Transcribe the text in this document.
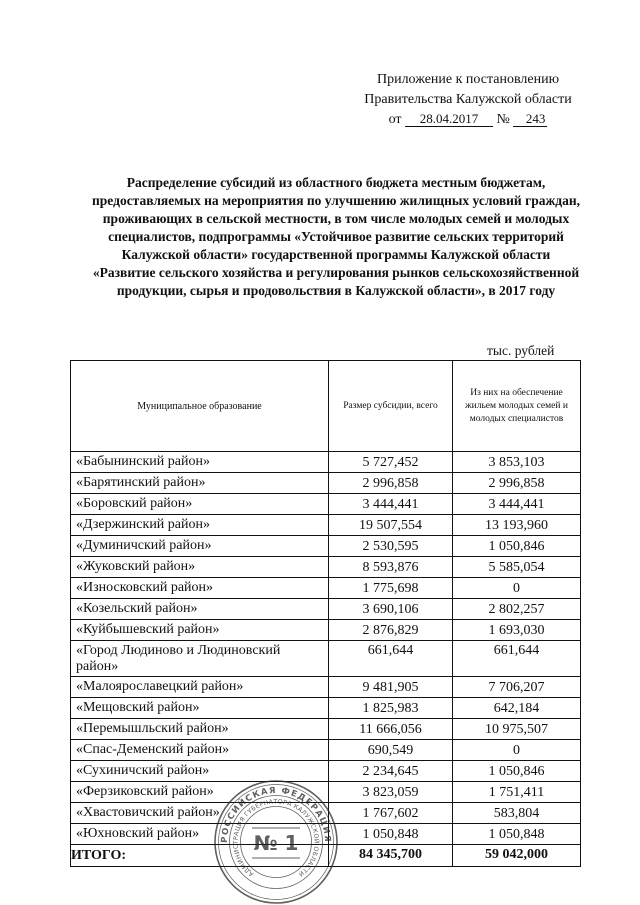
Приложение к постановлению
Правительства Калужской области
от 28.04.2017 № 243
Распределение субсидий из областного бюджета местным бюджетам,
предоставляемых на мероприятия по улучшению жилищных условий граждан,
проживающих в сельской местности, в том числе молодых семей и молодых
специалистов, подпрограммы «Устойчивое развитие сельских территорий
Калужской области» государственной программы Калужской области
«Развитие сельского хозяйства и регулирования рынков сельскохозяйственной
продукции, сырья и продовольствия в Калужской области», в 2017 году
тыс. рублей
Муниципальное образование	Размер субсидии, всего	Из них на обеспечение
жильем молодых семей и
молодых специалистов

«Бабынинский район»	5 727,452	3 853,103
«Барятинский район»	2 996,858	2 996,858
«Боровский район»	3 444,441	3 444,441
«Дзержинский район»	19 507,554	13 193,960
«Думиничский район»	2 530,595	1 050,846
«Жуковский район»	8 593,876	5 585,054
«Износковский район»	1 775,698	0
«Козельский район»	3 690,106	2 802,257
«Куйбышевский район»	2 876,829	1 693,030
«Город Людиново и Людиновский район»	661,644	661,644
«Малоярославецкий район»	9 481,905	7 706,207
«Мещовский район»	1 825,983	642,184
«Перемышльский район»	11 666,056	10 975,507
«Спас-Деменский район»	690,549	0
«Сухиничский район»	2 234,645	1 050,846
«Ферзиковский район»	3 823,059	1 751,411
«Хвастовичский район»	1 767,602	583,804
«Юхновский район»	1 050,848	1 050,848
ИТОГО:	84 345,700	59 042,000
РОССИЙСКАЯ ФЕДЕРАЦИЯ
АДМИНИСТРАЦИЯ ГУБЕРНАТОРА КАЛУЖСКОЙ ОБЛАСТИ
№ 1
